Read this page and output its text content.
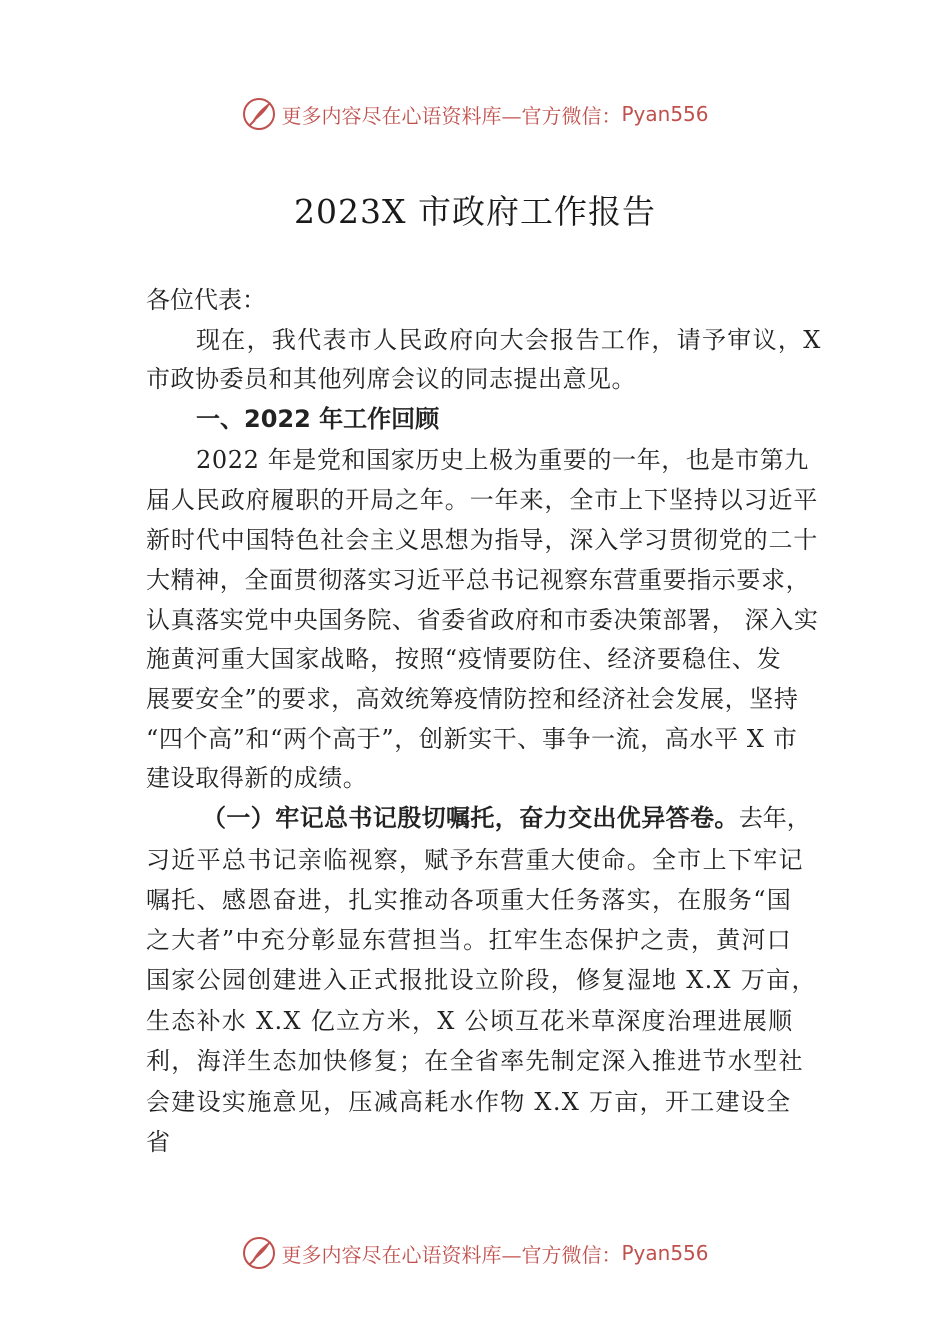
更多内容尽在心语资料库— 官方微信： Pyan556
2023X 市政府工作报告
各位代表：
现在，我代表市人民政府向大会报告工作，请予审议，X
市政协委员和其他列席会议的同志提出意见。
一、2022 年工作回顾
2022 年是党和国家历史上极为重要的一年，也是市第九
届人民政府履职的开局之年。一年来，全市上下坚持以习近平
新时代中国特色社会主义思想为指导，深入学习贯彻党的二十
大精神，全面贯彻落实习近平总书记视察东营重要指示要求，
认真落实党中央国务院、省委省政府和市委决策部署， 深入实
施黄河重大国家战略，按照“疫情要防住、经济要稳住、发
展要安全”的要求，高效统筹疫情防控和经济社会发展，坚持
“四个高”和“两个高于”，创新实干、事争一流，高水平 X 市
建设取得新的成绩。
（一）牢记总书记殷切嘱托，奋力交出优异答卷。去年，
习近平总书记亲临视察，赋予东营重大使命。全市上下牢记
嘱托、感恩奋进，扎实推动各项重大任务落实，在服务“国
之大者”中充分彰显东营担当。扛牢生态保护之责，黄河口
国家公园创建进入正式报批设立阶段，修复湿地 X.X 万亩，
生态补水 X.X 亿立方米，X 公顷互花米草深度治理进展顺
利，海洋生态加快修复；在全省率先制定深入推进节水型社
会建设实施意见，压减高耗水作物 X.X 万亩，开工建设全
省
更多内容尽在心语资料库— 官方微信： Pyan556
